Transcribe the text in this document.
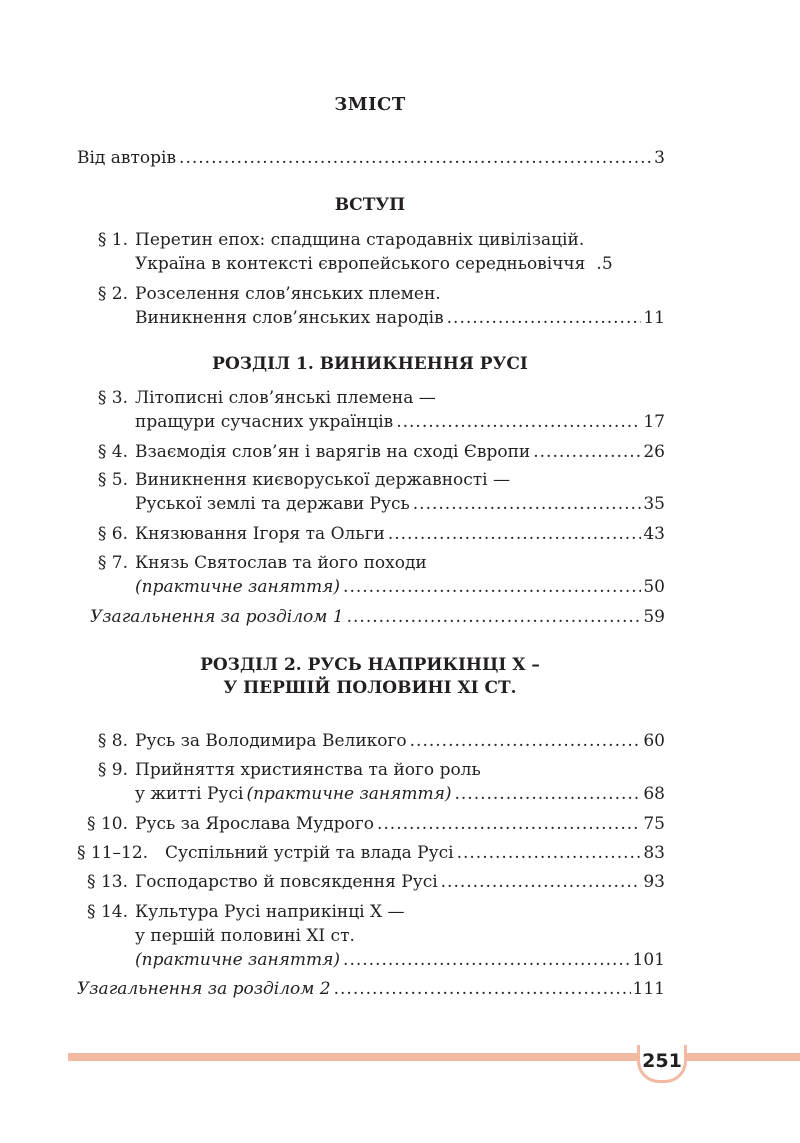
ЗМІСТ
Від авторів .....	3
ВСТУП
§ 1. Перетин епох: спадщина стародавніх цивілізацій.
Україна в контексті європейського середньовіччя .5
§ 2. Розселення слов’янських племен.
Виникнення слов’янських народів .....	11
РОЗДІЛ 1. ВИНИКНЕННЯ РУСІ
§ 3. Літописні слов’янські племена —
пращури сучасних українців .....	17
§ 4. Взаємодія слов’ян і варягів на сході Європи .....	26
§ 5. Виникнення києворуської державності —
Руської землі та держави Русь .....	35
§ 6. Князювання Ігоря та Ольги .....	43
§ 7. Князь Святослав та його походи
(практичне заняття) .....	50
Узагальнення за розділом 1 .....	59
РОЗДІЛ 2. РУСЬ НАПРИКІНЦІ Х –
У ПЕРШІЙ ПОЛОВИНІ ХІ СТ.
§ 8. Русь за Володимира Великого .....	60
§ 9. Прийняття християнства та його роль
у житті Русі (практичне заняття) .....	68
§ 10. Русь за Ярослава Мудрого .....	75
§ 11–12. Суспільний устрій та влада Русі .....	83
§ 13. Господарство й повсякдення Русі .....	93
§ 14. Культура Русі наприкінці Х —
у першій половині ХІ ст.
(практичне заняття) .....	101
Узагальнення за розділом 2 .....	111
251
